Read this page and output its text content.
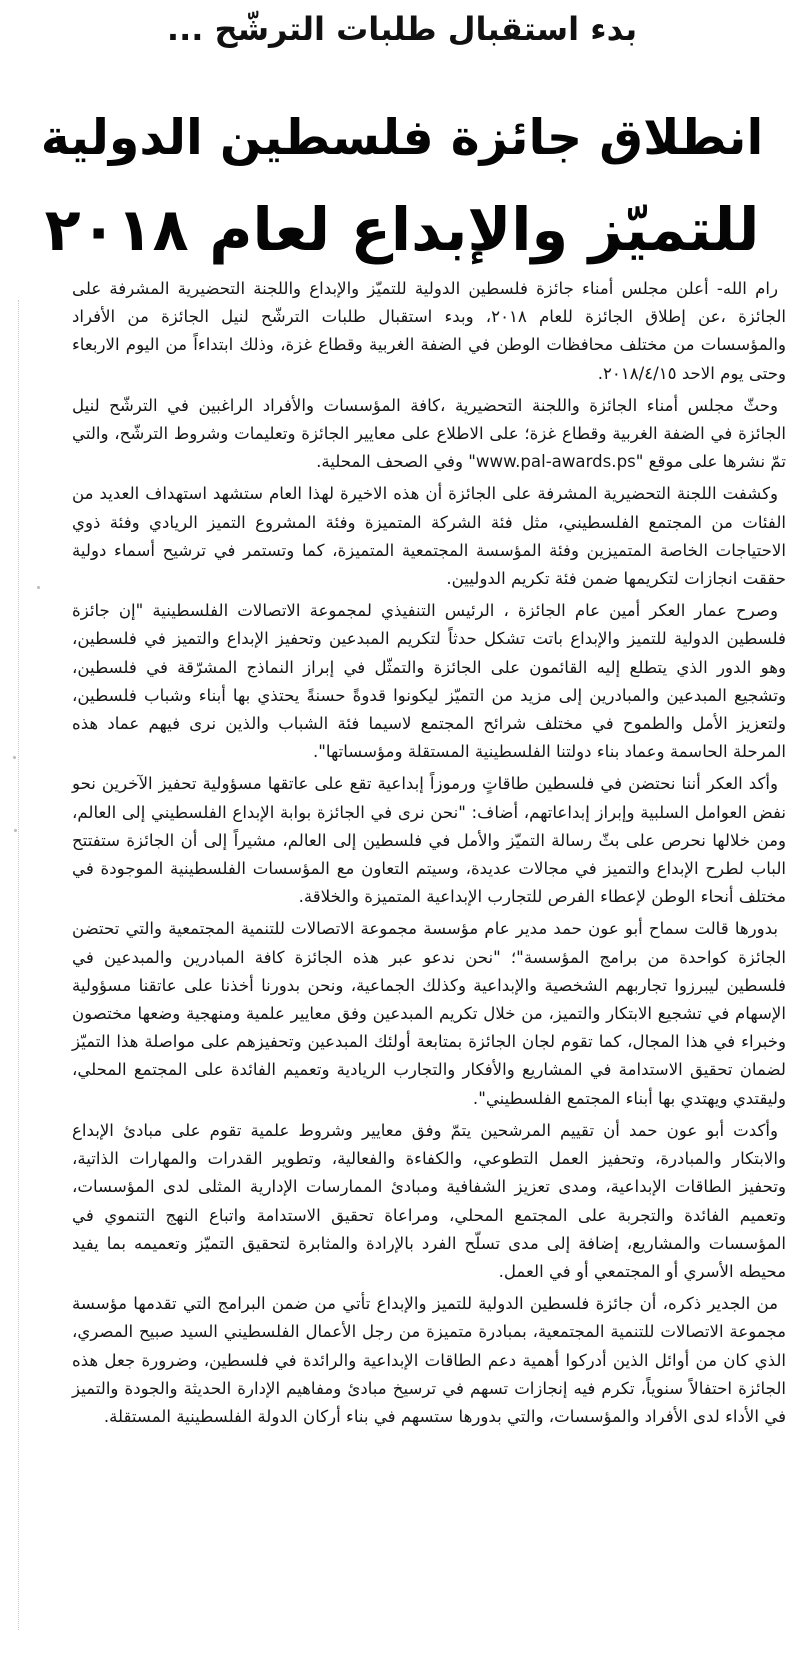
بدء استقبال طلبات الترشّح ...
انطلاق جائزة فلسطين الدولية
للتميّز والإبداع لعام ٢٠١٨

رام الله- أعلن مجلس أمناء جائزة فلسطين الدولية للتميّز والإبداع واللجنة التحضيرية المشرفة على الجائزة ،عن إطلاق الجائزة للعام ٢٠١٨، وبدء استقبال طلبات الترشّح لنيل الجائزة من الأفراد والمؤسسات من مختلف محافظات الوطن في الضفة الغربية وقطاع غزة، وذلك ابتداءاً من اليوم الاربعاء وحتى يوم الاحد ٢٠١٨/٤/١٥.

وحثّ مجلس أمناء الجائزة واللجنة التحضيرية ،كافة المؤسسات والأفراد الراغبين في الترشّح لنيل الجائزة في الضفة الغربية وقطاع غزة؛ على الاطلاع على معايير الجائزة وتعليمات وشروط الترشّح، والتي تمّ نشرها على موقع "www.pal-awards.ps" وفي الصحف المحلية.

وكشفت اللجنة التحضيرية المشرفة على الجائزة أن هذه الاخيرة لهذا العام ستشهد استهداف العديد من الفئات من المجتمع الفلسطيني، مثل فئة الشركة المتميزة وفئة المشروع التميز الريادي وفئة ذوي الاحتياجات الخاصة المتميزين وفئة المؤسسة المجتمعية المتميزة، كما وتستمر في ترشيح أسماء دولية حققت انجازات لتكريمها ضمن فئة تكريم الدوليين.

وصرح عمار العكر أمين عام الجائزة ، الرئيس التنفيذي لمجموعة الاتصالات الفلسطينية "إن جائزة فلسطين الدولية للتميز والإبداع باتت تشكل حدثاً لتكريم المبدعين وتحفيز الإبداع والتميز في فلسطين، وهو الدور الذي يتطلع إليه القائمون على الجائزة والتمثّل في إبراز النماذج المشرّقة في فلسطين، وتشجيع المبدعين والمبادرين إلى مزيد من التميّز ليكونوا قدوةً حسنةً يحتذي بها أبناء وشباب فلسطين، ولتعزيز الأمل والطموح في مختلف شرائح المجتمع لاسيما فئة الشباب والذين نرى فيهم عماد هذه المرحلة الحاسمة وعماد بناء دولتنا الفلسطينية المستقلة ومؤسساتها".

وأكد العكر أننا نحتضن في فلسطين طاقاتٍ ورموزاً إبداعية تقع على عاتقها مسؤولية تحفيز الآخرين نحو نفض العوامل السلبية وإبراز إبداعاتهم، أضاف: "نحن نرى في الجائزة بوابة الإبداع الفلسطيني إلى العالم، ومن خلالها نحرص على بثّ رسالة التميّز والأمل في فلسطين إلى العالم، مشيراً إلى أن الجائزة ستفتتح الباب لطرح الإبداع والتميز في مجالات عديدة، وسيتم التعاون مع المؤسسات الفلسطينية الموجودة في مختلف أنحاء الوطن لإعطاء الفرص للتجارب الإبداعية المتميزة والخلاقة.

بدورها قالت سماح أبو عون حمد مدير عام مؤسسة مجموعة الاتصالات للتنمية المجتمعية والتي تحتضن الجائزة كواحدة من برامج المؤسسة"؛ "نحن ندعو عبر هذه الجائزة كافة المبادرين والمبدعين في فلسطين ليبرزوا تجاربهم الشخصية والإبداعية وكذلك الجماعية، ونحن بدورنا أخذنا على عاتقنا مسؤولية الإسهام في تشجيع الابتكار والتميز، من خلال تكريم المبدعين وفق معايير علمية ومنهجية وضعها مختصون وخبراء في هذا المجال، كما تقوم لجان الجائزة بمتابعة أولئك المبدعين وتحفيزهم على مواصلة هذا التميّز لضمان تحقيق الاستدامة في المشاريع والأفكار والتجارب الريادية وتعميم الفائدة على المجتمع المحلي، وليقتدي ويهتدي بها أبناء المجتمع الفلسطيني".

وأكدت أبو عون حمد أن تقييم المرشحين يتمّ وفق معايير وشروط علمية تقوم على مبادئ الإبداع والابتكار والمبادرة، وتحفيز العمل التطوعي، والكفاءة والفعالية، وتطوير القدرات والمهارات الذاتية، وتحفيز الطاقات الإبداعية، ومدى تعزيز الشفافية ومبادئ الممارسات الإدارية المثلى لدى المؤسسات، وتعميم الفائدة والتجربة على المجتمع المحلي، ومراعاة تحقيق الاستدامة واتباع النهج التنموي في المؤسسات والمشاريع، إضافة إلى مدى تسلّح الفرد بالإرادة والمثابرة لتحقيق التميّز وتعميمه بما يفيد محيطه الأسري أو المجتمعي أو في العمل.

من الجدير ذكره، أن جائزة فلسطين الدولية للتميز والإبداع تأتي من ضمن البرامج التي تقدمها مؤسسة مجموعة الاتصالات للتنمية المجتمعية، بمبادرة متميزة من رجل الأعمال الفلسطيني السيد صبيح المصري، الذي كان من أوائل الذين أدركوا أهمية دعم الطاقات الإبداعية والرائدة في فلسطين، وضرورة جعل هذه الجائزة احتفالاً سنوياً، تكرم فيه إنجازات تسهم في ترسيخ مبادئ ومفاهيم الإدارة الحديثة والجودة والتميز في الأداء لدى الأفراد والمؤسسات، والتي بدورها ستسهم في بناء أركان الدولة الفلسطينية المستقلة.
